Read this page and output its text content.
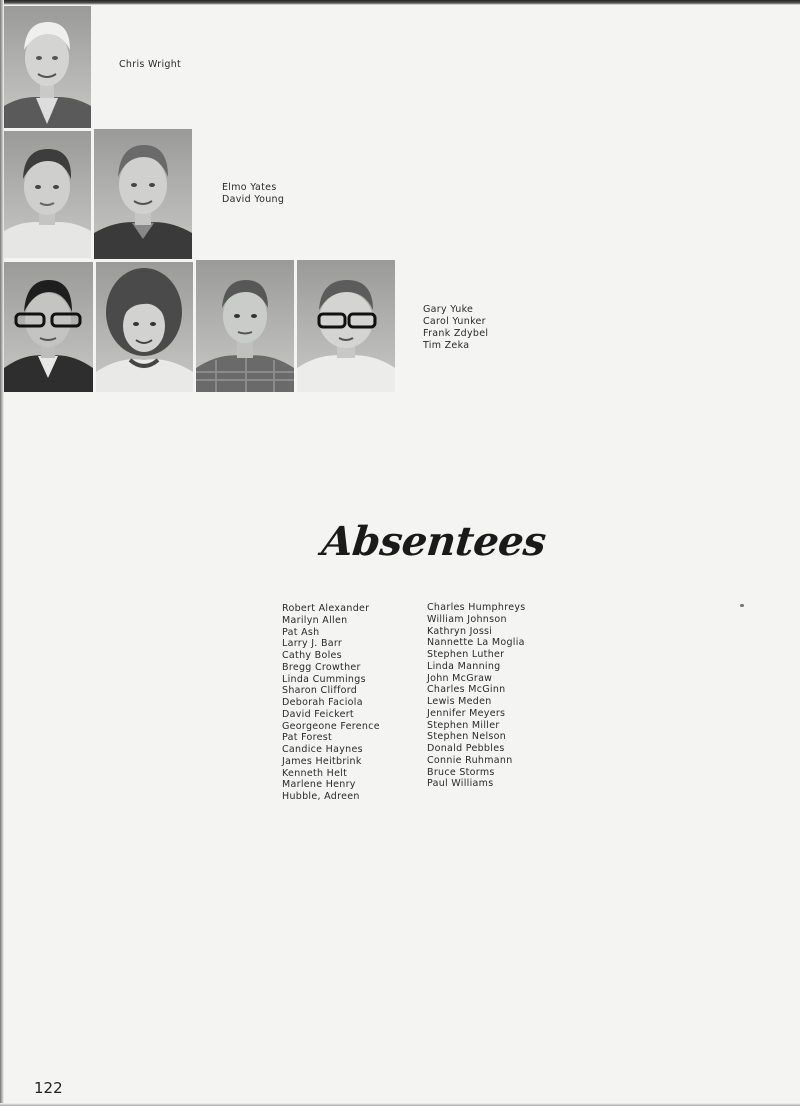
Chris Wright
Elmo Yates
David Young
Gary Yuke
Carol Yunker
Frank Zdybel
Tim Zeka
Absentees
Robert Alexander
Marilyn Allen
Pat Ash
Larry J. Barr
Cathy Boles
Bregg Crowther
Linda Cummings
Sharon Clifford
Deborah Faciola
David Feickert
Georgeone Ference
Pat Forest
Candice Haynes
James Heitbrink
Kenneth Helt
Marlene Henry
Hubble, Adreen
Charles Humphreys
William Johnson
Kathryn Jossi
Nannette La Moglia
Stephen Luther
Linda Manning
John McGraw
Charles McGinn
Lewis Meden
Jennifer Meyers
Stephen Miller
Stephen Nelson
Donald Pebbles
Connie Ruhmann
Bruce Storms
Paul Williams
122
